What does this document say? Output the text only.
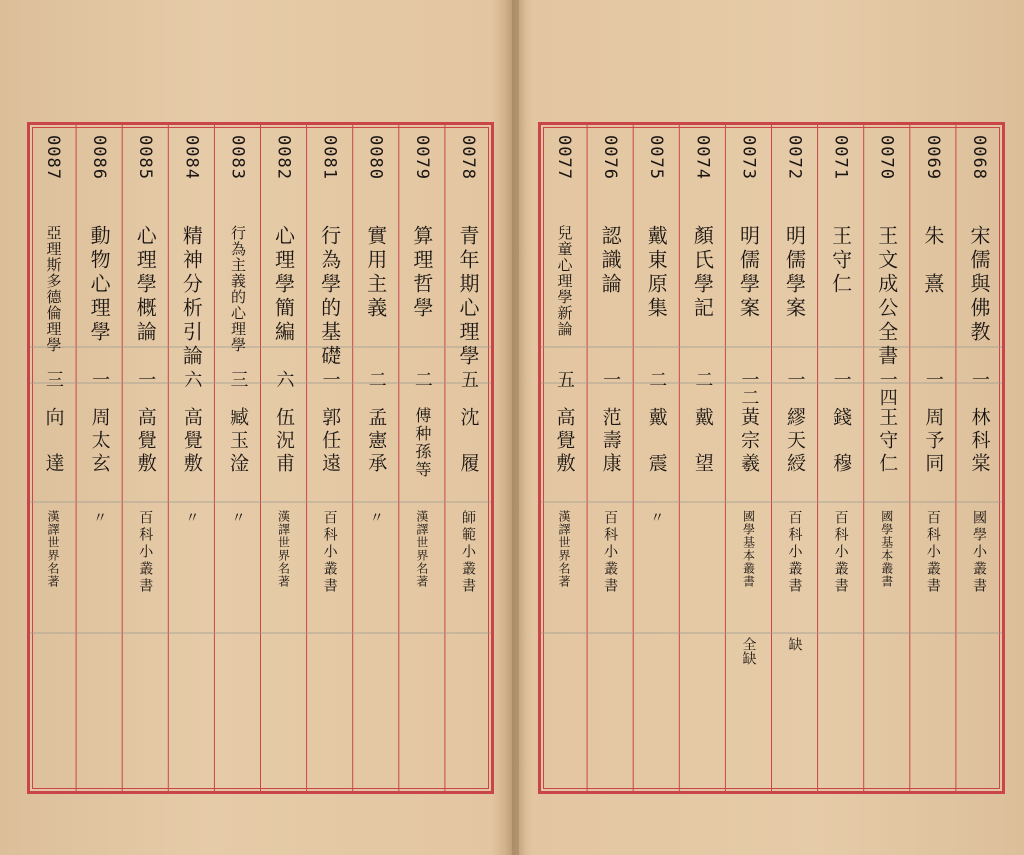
0078
青年期心理學
五
沈　履
師範小叢書
0079
算理哲學
二
傅种孫等
漢譯世界名著
0080
實用主義
二
孟憲承
〃
0081
行為學的基礎
一
郭任遠
百科小叢書
0082
心理學簡編
六
伍況甫
漢譯世界名著
0083
行為主義的心理學
三
臧玉淦
〃
0084
精神分析引論
六
高覺敷
〃
0085
心理學概論
一
高覺敷
百科小叢書
0086
動物心理學
一
周太玄
〃
0087
亞理斯多德倫理學
三
向　達
漢譯世界名著
0068
宋儒與佛教
一
林科棠
國學小叢書
0069
朱　熹
一
周予同
百科小叢書
0070
王文成公全書
一四
王守仁
國學基本叢書
0071
王守仁
一
錢　穆
百科小叢書
0072
明儒學案
一
繆天綬
百科小叢書
缺
0073
明儒學案
一二
黃宗羲
國學基本叢書
全缺
0074
顏氏學記
二
戴　望
0075
戴東原集
二
戴　震
〃
0076
認識論
一
范壽康
百科小叢書
0077
兒童心理學新論
五
高覺敷
漢譯世界名著
